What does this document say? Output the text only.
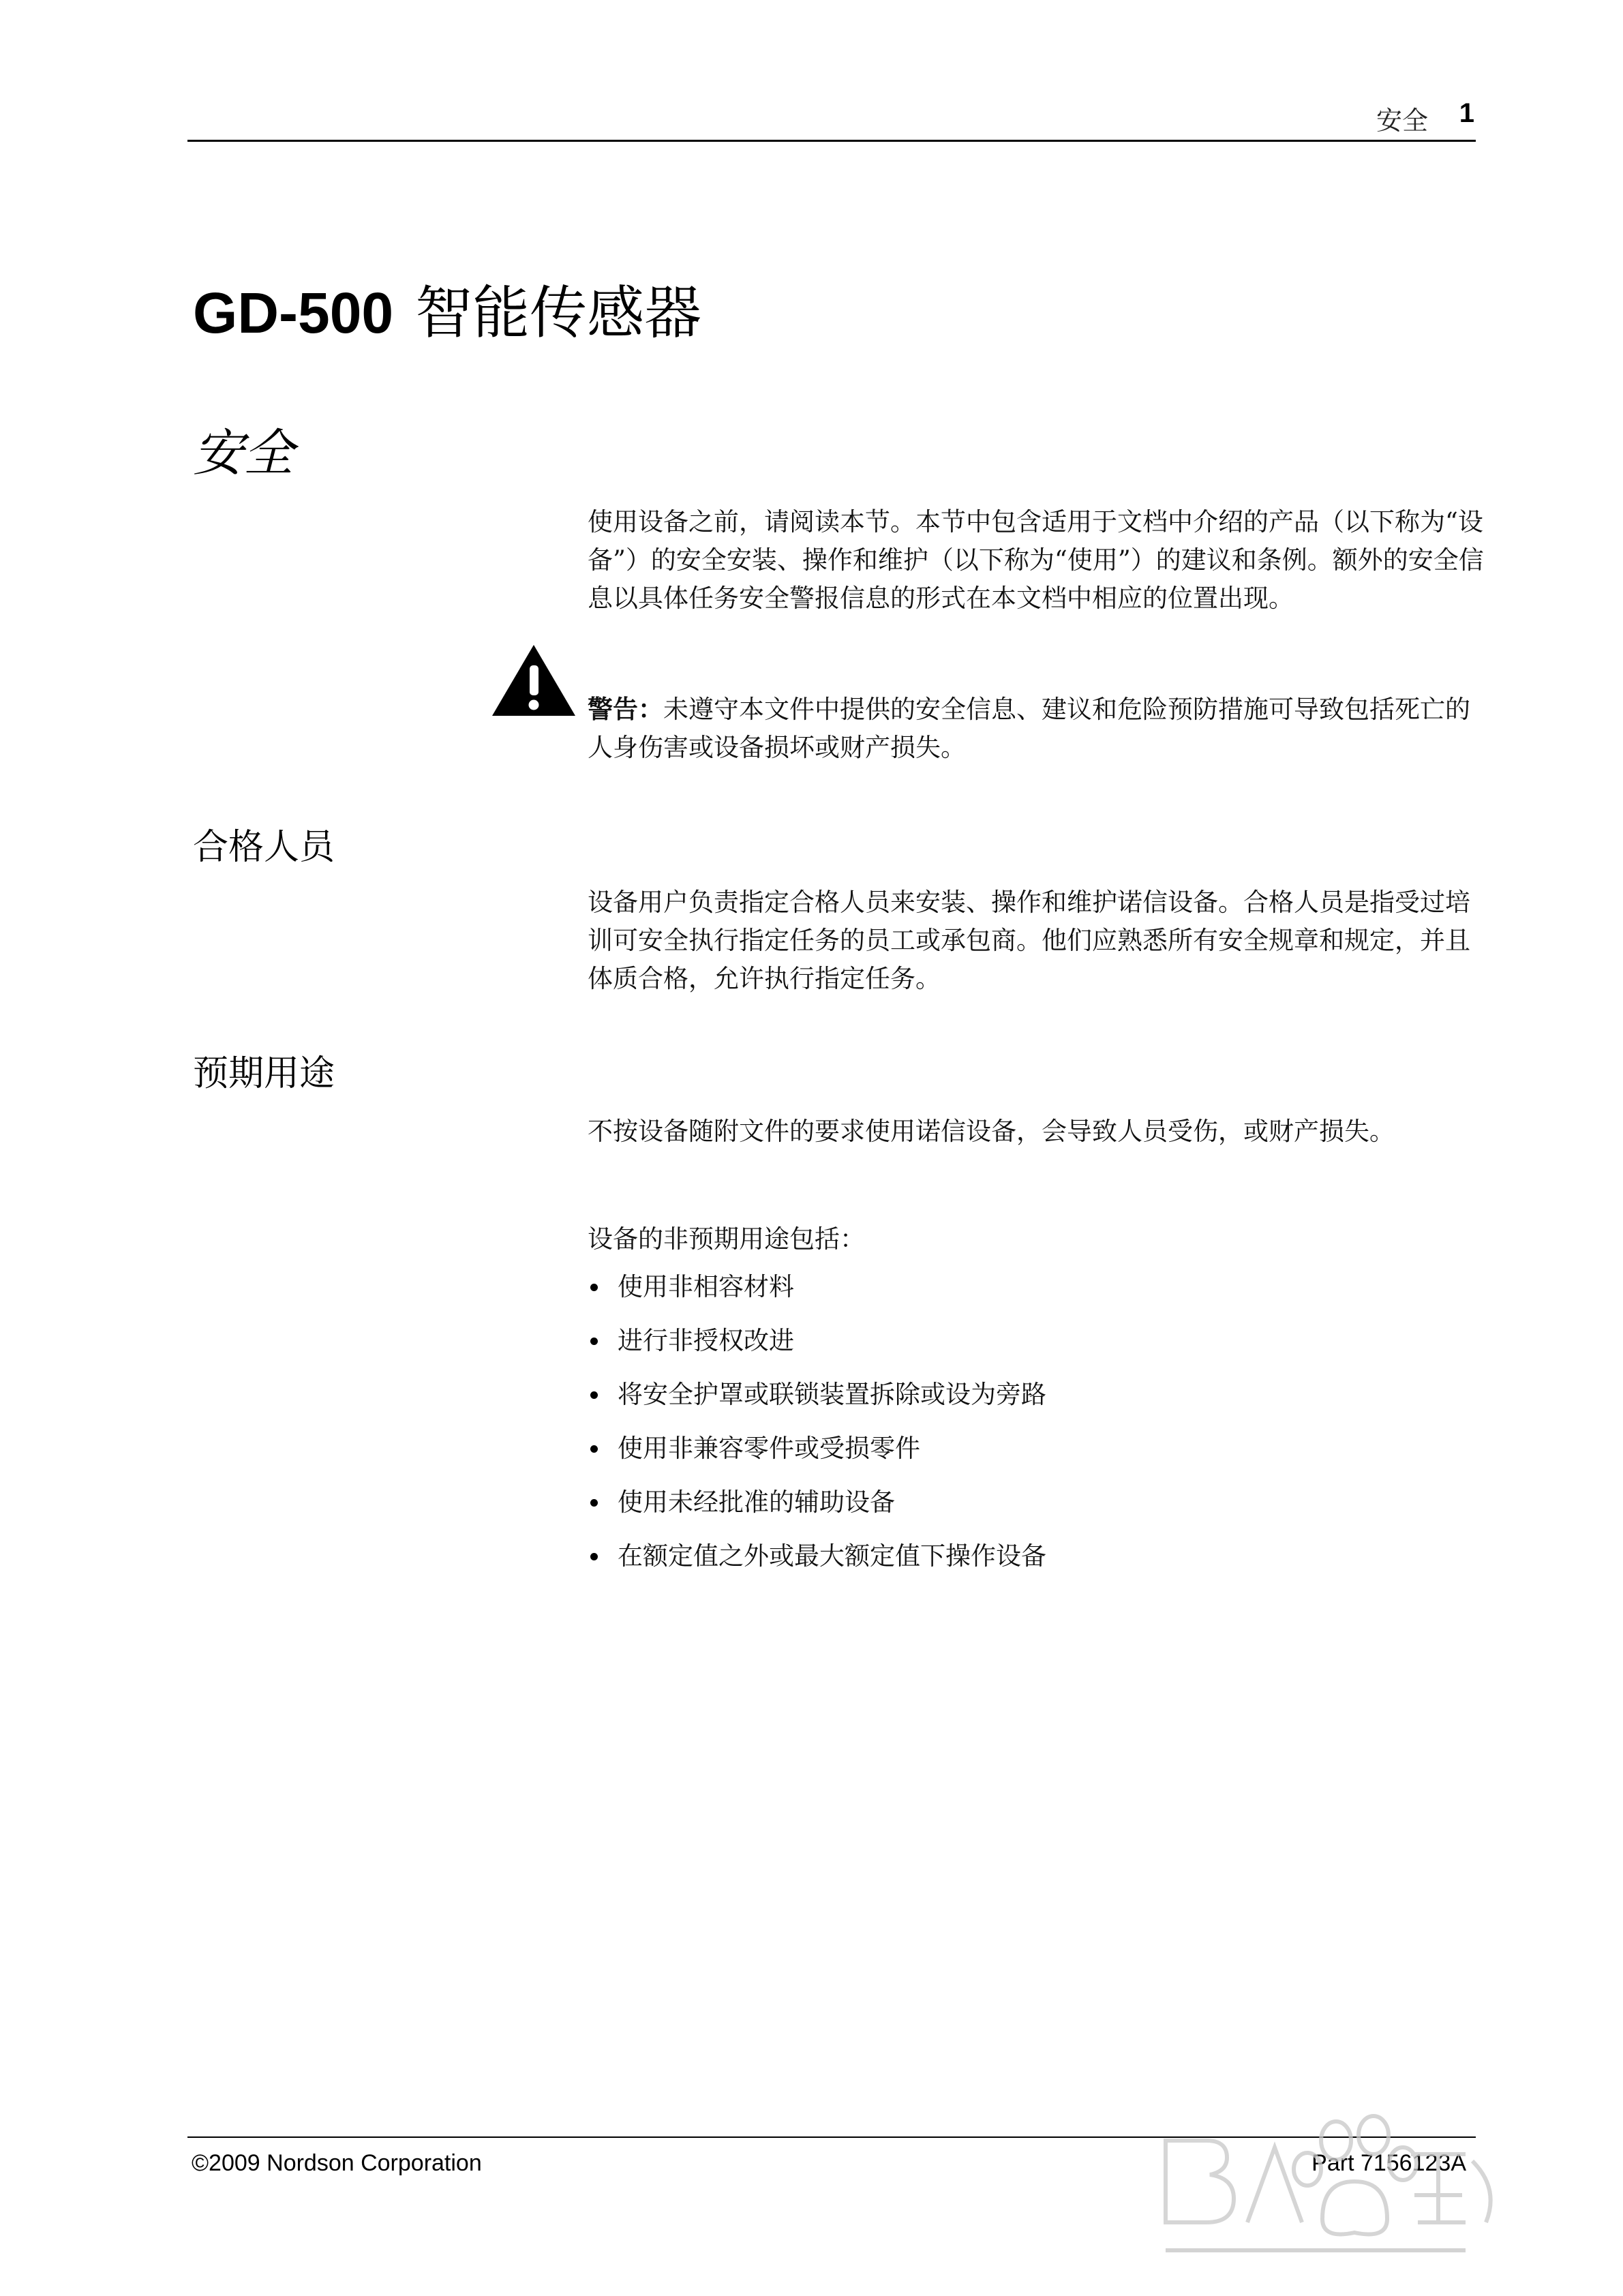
安全 1
GD-500 智能传感器
安全

使用设备之前，请阅读本节。本节中包含适用于文档中介绍的产品（以下称为“设备”）的安全安装、操作和维护（以下称为“使用”）的建议和条例。额外的安全信息以具体任务安全警报信息的形式在本文档中相应的位置出现。

警告：未遵守本文件中提供的安全信息、建议和危险预防措施可导致包括死亡的人身伤害或设备损坏或财产损失。

合格人员

设备用户负责指定合格人员来安装、操作和维护诺信设备。合格人员是指受过培训可安全执行指定任务的员工或承包商。他们应熟悉所有安全规章和规定，并且体质合格，允许执行指定任务。

预期用途

不按设备随附文件的要求使用诺信设备，会导致人员受伤，或财产损失。

设备的非预期用途包括：

使用非相容材料
进行非授权改进
将安全护罩或联锁装置拆除或设为旁路
使用非兼容零件或受损零件
使用未经批准的辅助设备
在额定值之外或最大额定值下操作设备
©2009 Nordson Corporation	Part 7156123A
